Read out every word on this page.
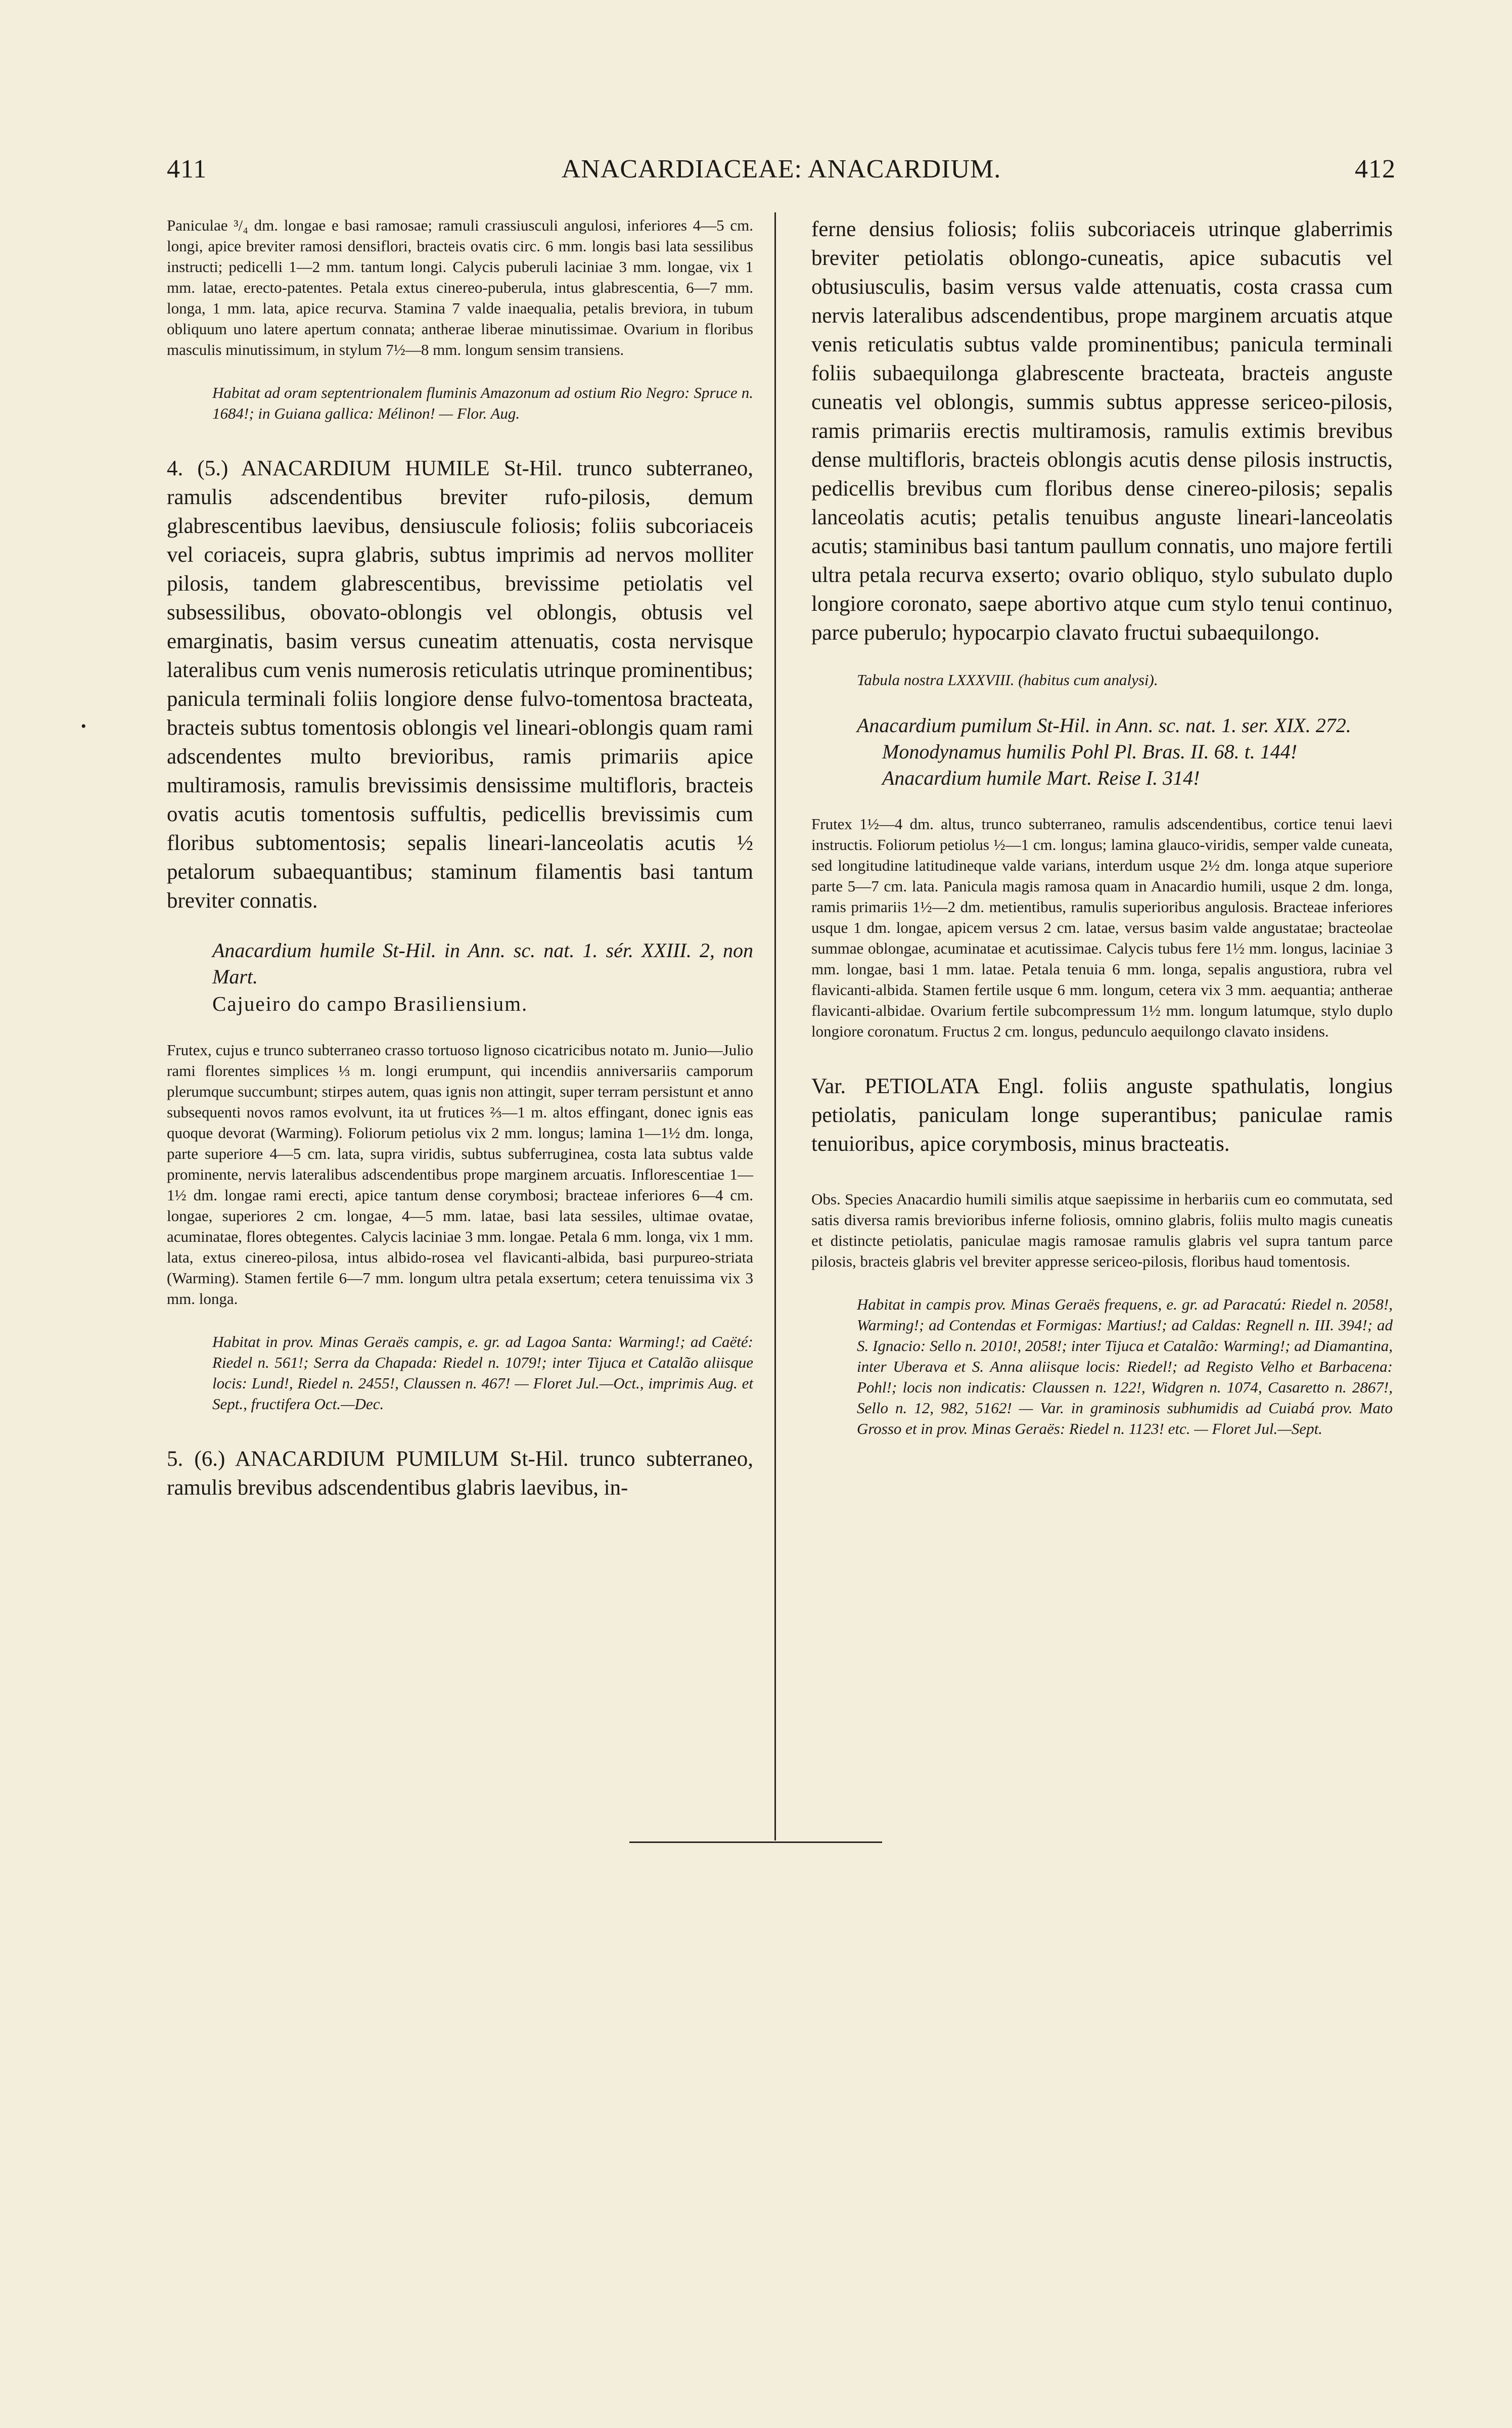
411	ANACARDIACEAE: ANACARDIUM.	412
•

Paniculae ³/₄ dm. longae e basi ramosae; ramuli crassiusculi angulosi, inferiores 4—5 cm. longi, apice breviter ramosi densiflori, bracteis ovatis circ. 6 mm. longis basi lata sessilibus instructi; pedicelli 1—2 mm. tantum longi. Calycis puberuli laciniae 3 mm. longae, vix 1 mm. latae, erecto-patentes. Petala extus cinereo-puberula, intus glabrescentia, 6—7 mm. longa, 1 mm. lata, apice recurva. Stamina 7 valde inaequalia, petalis breviora, in tubum obliquum uno latere apertum connata; antherae liberae minutissimae. Ovarium in floribus masculis minutissimum, in stylum 7½—8 mm. longum sensim transiens.

Habitat ad oram septentrionalem fluminis Amazonum ad ostium Rio Negro: Spruce n. 1684!; in Guiana gallica: Mélinon! — Flor. Aug.

4. (5.) ANACARDIUM HUMILE St-Hil. trunco subterraneo, ramulis adscendentibus breviter rufo-pilosis, demum glabrescentibus laevibus, densiuscule foliosis; foliis subcoriaceis vel coriaceis, supra glabris, subtus imprimis ad nervos molliter pilosis, tandem glabrescentibus, brevissime petiolatis vel subsessilibus, obovato-oblongis vel oblongis, obtusis vel emarginatis, basim versus cuneatim attenuatis, costa nervisque lateralibus cum venis numerosis reticulatis utrinque prominentibus; panicula terminali foliis longiore dense fulvo-tomentosa bracteata, bracteis subtus tomentosis oblongis vel lineari-oblongis quam rami adscendentes multo brevioribus, ramis primariis apice multiramosis, ramulis brevissimis densissime multifloris, bracteis ovatis acutis tomentosis suffultis, pedicellis brevissimis cum floribus subtomentosis; sepalis lineari-lanceolatis acutis ½ petalorum subaequantibus; staminum filamentis basi tantum breviter connatis.

Anacardium humile St-Hil. in Ann. sc. nat. 1. sér. XXIII. 2, non Mart.

Cajueiro do campo Brasiliensium.

Frutex, cujus e trunco subterraneo crasso tortuoso lignoso cicatricibus notato m. Junio—Julio rami florentes simplices ⅓ m. longi erumpunt, qui incendiis anniversariis camporum plerumque succumbunt; stirpes autem, quas ignis non attingit, super terram persistunt et anno subsequenti novos ramos evolvunt, ita ut frutices ⅔—1 m. altos effingant, donec ignis eas quoque devorat (Warming). Foliorum petiolus vix 2 mm. longus; lamina 1—1½ dm. longa, parte superiore 4—5 cm. lata, supra viridis, subtus subferruginea, costa lata subtus valde prominente, nervis lateralibus adscendentibus prope marginem arcuatis. Inflorescentiae 1—1½ dm. longae rami erecti, apice tantum dense corymbosi; bracteae inferiores 6—4 cm. longae, superiores 2 cm. longae, 4—5 mm. latae, basi lata sessiles, ultimae ovatae, acuminatae, flores obtegentes. Calycis laciniae 3 mm. longae. Petala 6 mm. longa, vix 1 mm. lata, extus cinereo-pilosa, intus albido-rosea vel flavicanti-albida, basi purpureo-striata (Warming). Stamen fertile 6—7 mm. longum ultra petala exsertum; cetera tenuissima vix 3 mm. longa.

Habitat in prov. Minas Geraës campis, e. gr. ad Lagoa Santa: Warming!; ad Caëté: Riedel n. 561!; Serra da Chapada: Riedel n. 1079!; inter Tijuca et Catalão aliisque locis: Lund!, Riedel n. 2455!, Claussen n. 467! — Floret Jul.—Oct., imprimis Aug. et Sept., fructifera Oct.—Dec.

5. (6.) ANACARDIUM PUMILUM St-Hil. trunco subterraneo, ramulis brevibus adscendentibus glabris laevibus, in-

ferne densius foliosis; foliis subcoriaceis utrinque glaberrimis breviter petiolatis oblongo-cuneatis, apice subacutis vel obtusiusculis, basim versus valde attenuatis, costa crassa cum nervis lateralibus adscendentibus, prope marginem arcuatis atque venis reticulatis subtus valde prominentibus; panicula terminali foliis subaequilonga glabrescente bracteata, bracteis anguste cuneatis vel oblongis, summis subtus appresse sericeo-pilosis, ramis primariis erectis multiramosis, ramulis extimis brevibus dense multifloris, bracteis oblongis acutis dense pilosis instructis, pedicellis brevibus cum floribus dense cinereo-pilosis; sepalis lanceolatis acutis; petalis tenuibus anguste lineari-lanceolatis acutis; staminibus basi tantum paullum connatis, uno majore fertili ultra petala recurva exserto; ovario obliquo, stylo subulato duplo longiore coronato, saepe abortivo atque cum stylo tenui continuo, parce puberulo; hypocarpio clavato fructui subaequilongo.

Tabula nostra LXXXVIII. (habitus cum analysi).

Anacardium pumilum St-Hil. in Ann. sc. nat. 1. ser. XIX. 272.

Monodynamus humilis Pohl Pl. Bras. II. 68. t. 144!

Anacardium humile Mart. Reise I. 314!

Frutex 1½—4 dm. altus, trunco subterraneo, ramulis adscendentibus, cortice tenui laevi instructis. Foliorum petiolus ½—1 cm. longus; lamina glauco-viridis, semper valde cuneata, sed longitudine latitudineque valde varians, interdum usque 2½ dm. longa atque superiore parte 5—7 cm. lata. Panicula magis ramosa quam in Anacardio humili, usque 2 dm. longa, ramis primariis 1½—2 dm. metientibus, ramulis superioribus angulosis. Bracteae inferiores usque 1 dm. longae, apicem versus 2 cm. latae, versus basim valde angustatae; bracteolae summae oblongae, acuminatae et acutissimae. Calycis tubus fere 1½ mm. longus, laciniae 3 mm. longae, basi 1 mm. latae. Petala tenuia 6 mm. longa, sepalis angustiora, rubra vel flavicanti-albida. Stamen fertile usque 6 mm. longum, cetera vix 3 mm. aequantia; antherae flavicanti-albidae. Ovarium fertile subcompressum 1½ mm. longum latumque, stylo duplo longiore coronatum. Fructus 2 cm. longus, pedunculo aequilongo clavato insidens.

Var. PETIOLATA Engl. foliis anguste spathulatis, longius petiolatis, paniculam longe superantibus; paniculae ramis tenuioribus, apice corymbosis, minus bracteatis.

Obs. Species Anacardio humili similis atque saepissime in herbariis cum eo commutata, sed satis diversa ramis brevioribus inferne foliosis, omnino glabris, foliis multo magis cuneatis et distincte petiolatis, paniculae magis ramosae ramulis glabris vel supra tantum parce pilosis, bracteis glabris vel breviter appresse sericeo-pilosis, floribus haud tomentosis.

Habitat in campis prov. Minas Geraës frequens, e. gr. ad Paracatú: Riedel n. 2058!, Warming!; ad Contendas et Formigas: Martius!; ad Caldas: Regnell n. III. 394!; ad S. Ignacio: Sello n. 2010!, 2058!; inter Tijuca et Catalão: Warming!; ad Diamantina, inter Uberava et S. Anna aliisque locis: Riedel!; ad Registo Velho et Barbacena: Pohl!; locis non indicatis: Claussen n. 122!, Widgren n. 1074, Casaretto n. 2867!, Sello n. 12, 982, 5162! — Var. in graminosis subhumidis ad Cuiabá prov. Mato Grosso et in prov. Minas Geraës: Riedel n. 1123! etc. — Floret Jul.—Sept.
